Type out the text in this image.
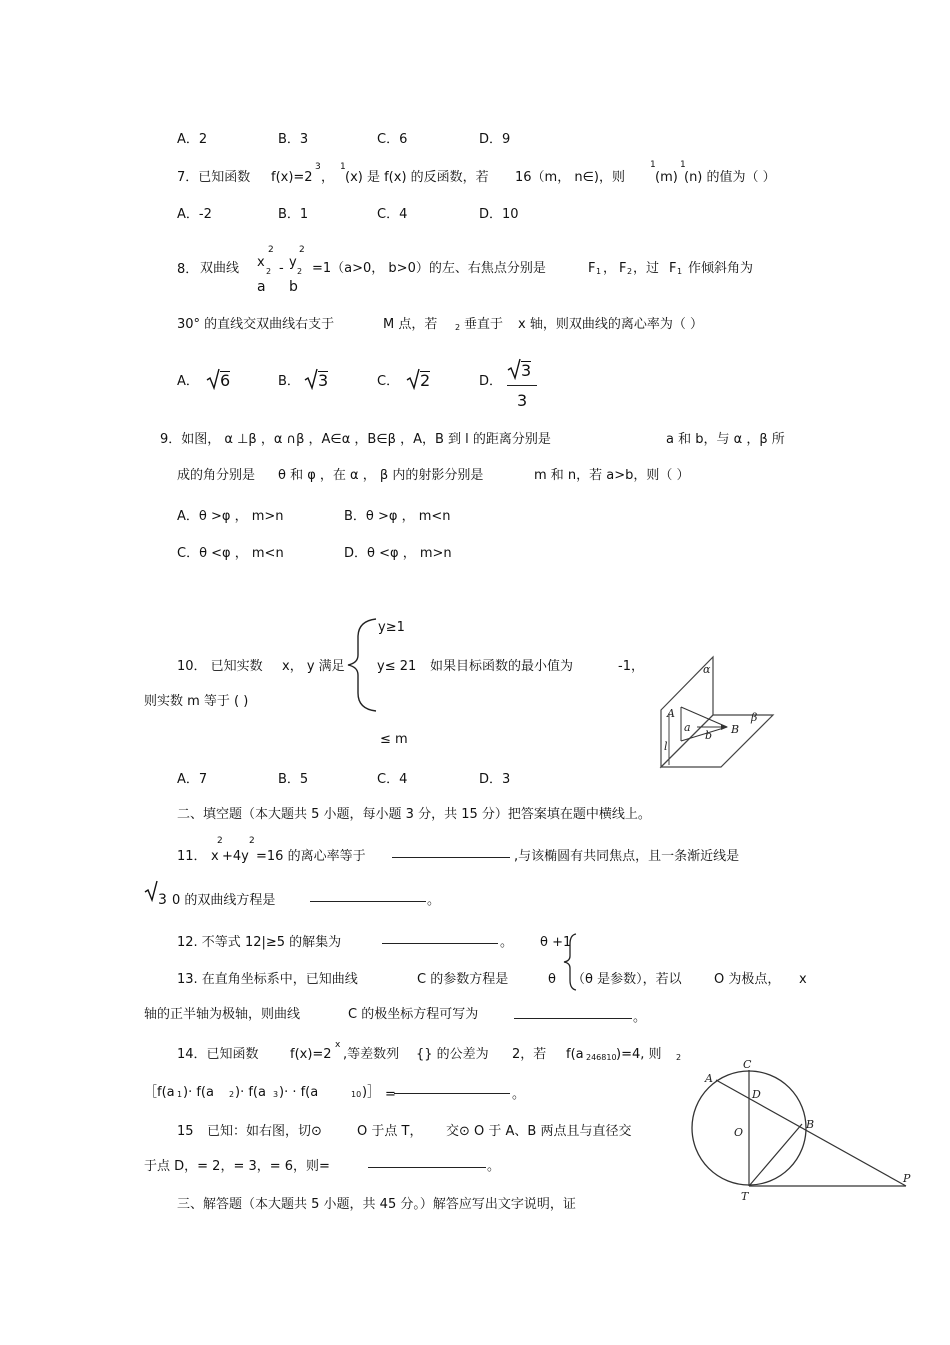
A．2	B．3	C．6	D．9
7．已知函数 f(x)=2
3
，
1
(x) 是 f(x) 的反函数，若 16（m， n∈)，则
1
(m)
1
(n) 的值为（ ）
A．-2	B．1	C．4	D．10
8． 双曲线
2
x
2 -
2
y
2
a b
=1（a>0， b>0）的左、右焦点分别是	F 1 ， F 2 ，过 F 1 作倾斜角为
30° 的直线交双曲线右支于	M 点，若 2 垂直于 x 轴，则双曲线的离心率为（ ）
A． 6	B． 3	C． 2	D．
3
3
9．如图， α ⊥β ，α ∩β ，A∈α ，B∈β ，A，B 到 l 的距离分别是	a 和 b，与 α ，β 所
成的角分别是 θ 和 φ ，在 α ， β 内的射影分别是	m 和 n，若 a>b，则（ ）
A．θ >φ ， m>n	B．θ >φ ， m<n
C．θ <φ ， m<n	D．θ <φ ， m>n
y≥1
10． 已知实数 x， y 满足 y≤ 21 如果目标函数的最小值为	-1，
则实数 m 等于 ( )
≤ m
A．7	B．5	C．4	D．3
α
A
a
b B
β
l
二、填空题（本大题共 5 小题，每小题 3 分，共 15 分）把答案填在题中横线上。
11． x
2
+4y
2
=16 的离心率等于	,与该椭圆有共同焦点，且一条渐近线是
3 0 的双曲线方程是	。
12. 不等式 12|≥5 的解集为	。 θ +1
13. 在直角坐标系中，已知曲线	C 的参数方程是	θ （θ 是参数），若以 O 为极点， x
轴的正半轴为极轴，则曲线	C 的极坐标方程可写为	。
14．已知函数 f(x)=2
x
,等差数列 {} 的公差为 2，若 f(a 246810 )=4, 则 2
［f(a 1 )· f(a 2 )· f(a 3 )· · f(a	10 )］ =	。
15 已知：如右图，切⊙	O 于点 T， 交⊙ O 于 A、B 两点且与直径交
于点 D，= 2，= 3，= 6，则=	。
C
A
D
O
B
T
P
三、解答题（本大题共 5 小题，共 45 分。）解答应写出文字说明，证
